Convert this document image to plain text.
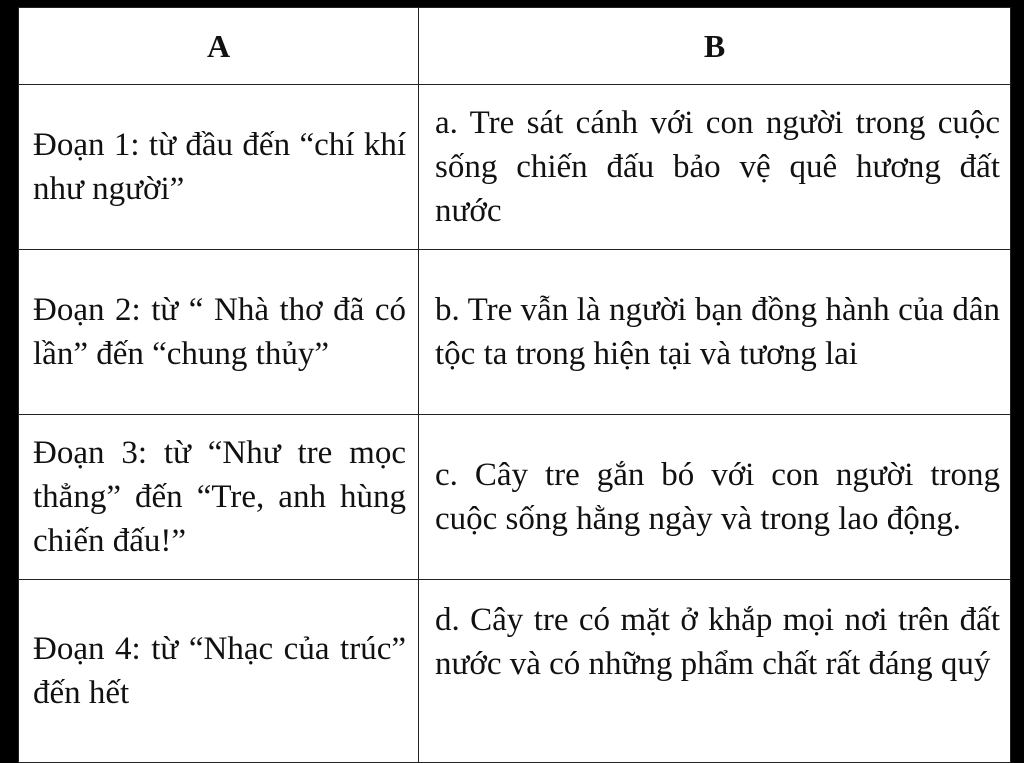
A	B
Đoạn 1: từ đầu đến “chí khí như người”	a. Tre sát cánh với con người trong cuộc sống chiến đấu bảo vệ quê hương đất nước
Đoạn 2: từ “ Nhà thơ đã có lần” đến “chung thủy”	b. Tre vẫn là người bạn đồng hành của dân tộc ta trong hiện tại và tương lai
Đoạn 3: từ “Như tre mọc thẳng” đến “Tre, anh hùng chiến đấu!”	c. Cây tre gắn bó với con người trong cuộc sống hằng ngày và trong lao động.
Đoạn 4: từ “Nhạc của trúc” đến hết	d. Cây tre có mặt ở khắp mọi nơi trên đất nước và có những phẩm chất rất đáng quý
